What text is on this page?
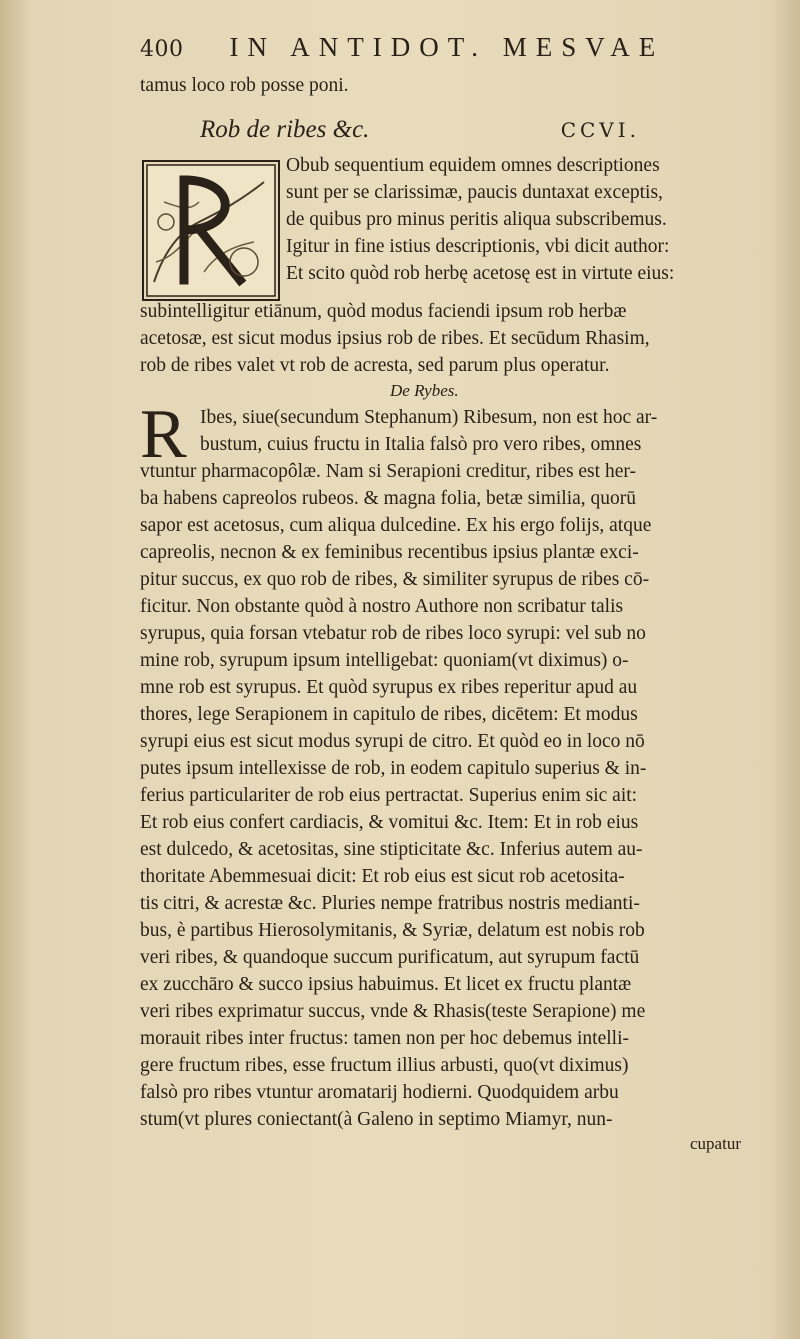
400 IN ANTIDOT. MESVAE
tamus loco rob posse poni.
Rob de ribes &c.	CCVI.
Obub sequentium equidem omnes descriptiones
sunt per se clarissimæ, paucis duntaxat exceptis,
de quibus pro minus peritis aliqua subscribemus.
Igitur in fine istius descriptionis, vbi dicit author:
Et scito quòd rob herbę acetosę est in virtute eius:
subintelligitur etiānum, quòd modus faciendi ipsum rob herbæ
acetosæ, est sicut modus ipsius rob de ribes. Et secūdum Rhasim,
rob de ribes valet vt rob de acresta, sed parum plus operatur.
De Rybes.
R Ibes, siue(secundum Stephanum) Ribesum, non est hoc ar-
bustum, cuius fructu in Italia falsò pro vero ribes, omnes
vtuntur pharmacopôlæ. Nam si Serapioni creditur, ribes est her-
ba habens capreolos rubeos. & magna folia, betæ similia, quorū
sapor est acetosus, cum aliqua dulcedine. Ex his ergo folijs, atque
capreolis, necnon & ex feminibus recentibus ipsius plantæ exci-
pitur succus, ex quo rob de ribes, & similiter syrupus de ribes cō-
ficitur. Non obstante quòd à nostro Authore non scribatur talis
syrupus, quia forsan vtebatur rob de ribes loco syrupi: vel sub no
mine rob, syrupum ipsum intelligebat: quoniam(vt diximus) o-
mne rob est syrupus. Et quòd syrupus ex ribes reperitur apud au
thores, lege Serapionem in capitulo de ribes, dicētem: Et modus
syrupi eius est sicut modus syrupi de citro. Et quòd eo in loco nō
putes ipsum intellexisse de rob, in eodem capitulo superius & in-
ferius particulariter de rob eius pertractat. Superius enim sic ait:
Et rob eius confert cardiacis, & vomitui &c. Item: Et in rob eius
est dulcedo, & acetositas, sine stipticitate &c. Inferius autem au-
thoritate Abemmesuai dicit: Et rob eius est sicut rob acetosita-
tis citri, & acrestæ &c. Pluries nempe fratribus nostris medianti-
bus, è partibus Hierosolymitanis, & Syriæ, delatum est nobis rob
veri ribes, & quandoque succum purificatum, aut syrupum factū
ex zucchāro & succo ipsius habuimus. Et licet ex fructu plantæ
veri ribes exprimatur succus, vnde & Rhasis(teste Serapione) me
morauit ribes inter fructus: tamen non per hoc debemus intelli-
gere fructum ribes, esse fructum illius arbusti, quo(vt diximus)
falsò pro ribes vtuntur aromatarij hodierni. Quodquidem arbu
stum(vt plures coniectant(à Galeno in septimo Miamyr, nun-
cupatur
